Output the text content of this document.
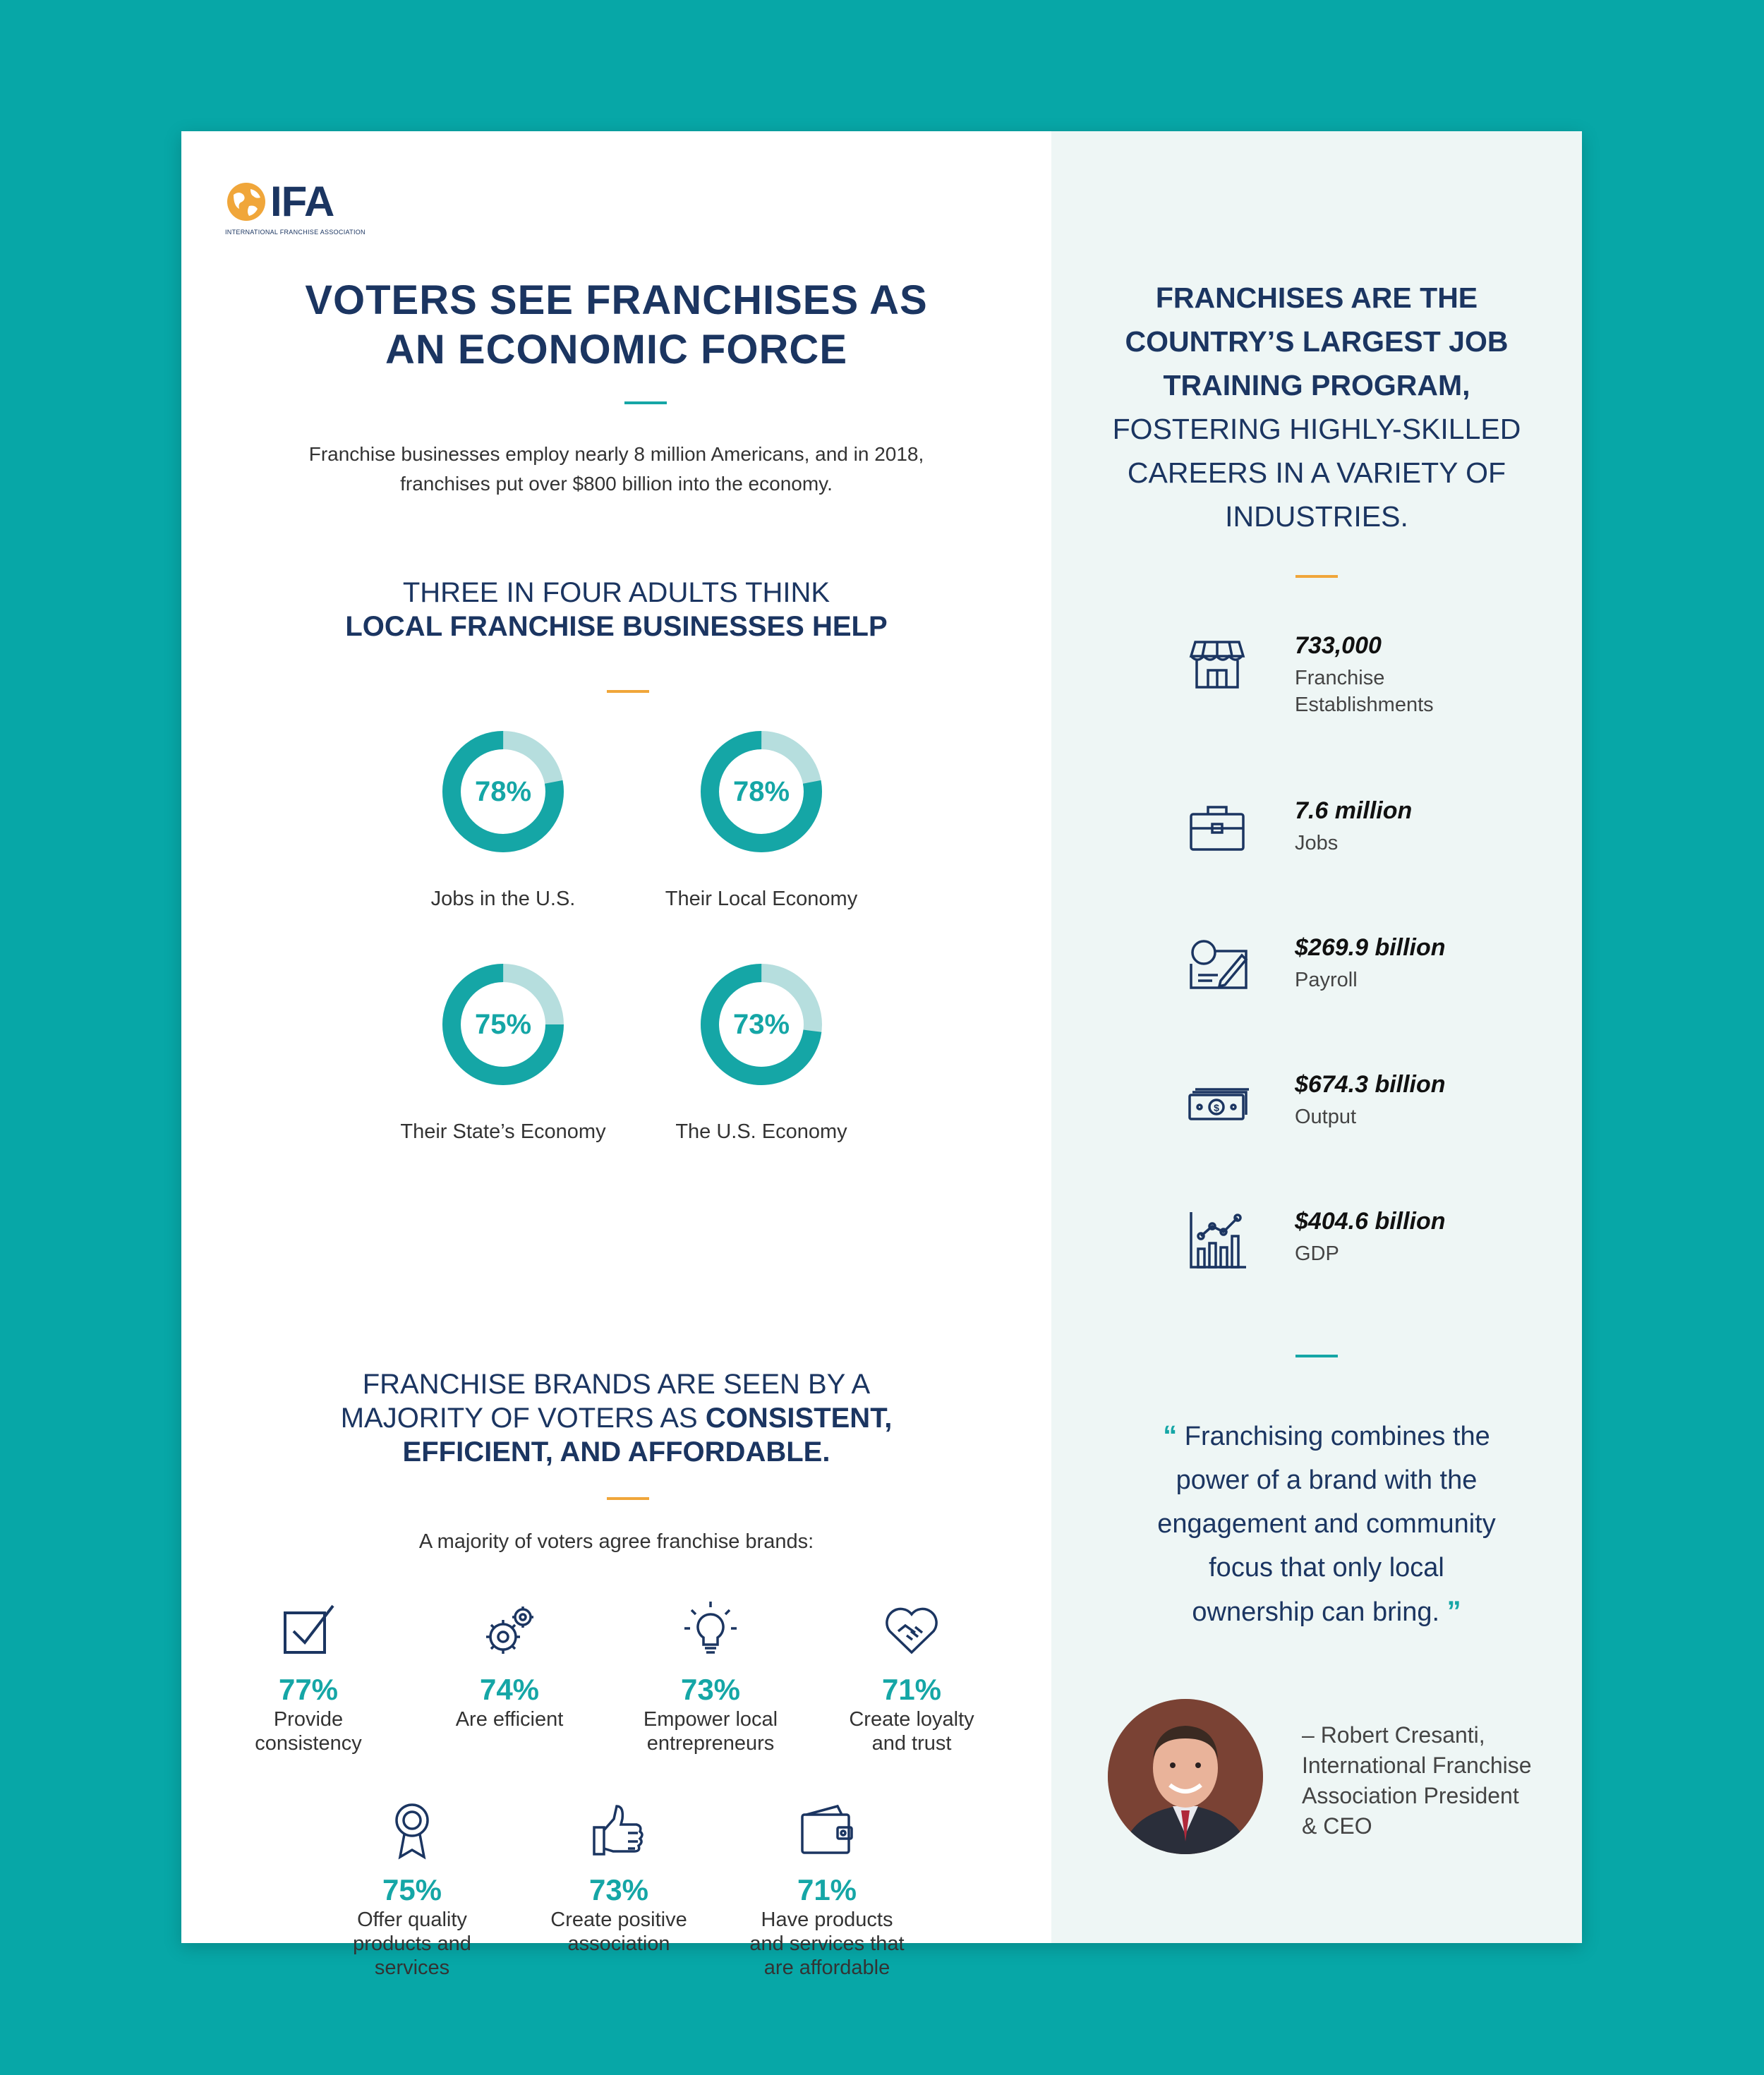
IFA
INTERNATIONAL FRANCHISE ASSOCIATION
VOTERS SEE FRANCHISES AS
AN ECONOMIC FORCE
Franchise businesses employ nearly 8 million Americans, and in 2018,
franchises put over $800 billion into the economy.
THREE IN FOUR ADULTS THINK
LOCAL FRANCHISE BUSINESSES HELP
78%
Jobs in the U.S.
78%
Their Local Economy
75%
Their State’s Economy
73%
The U.S. Economy
FRANCHISE BRANDS ARE SEEN BY A
MAJORITY OF VOTERS AS CONSISTENT,
EFFICIENT, AND AFFORDABLE.
A majority of voters agree franchise brands:
77%
Provide
consistency
74%
Are efficient
73%
Empower local
entrepreneurs
71%
Create loyalty
and trust
75%
Offer quality
products and
services
73%
Create positive
association
71%
Have products
and services that
are affordable
FRANCHISES ARE THE
COUNTRY’S LARGEST JOB
TRAINING PROGRAM,
FOSTERING HIGHLY-SKILLED
CAREERS IN A VARIETY OF
INDUSTRIES.
733,000
Franchise
Establishments
7.6 million
Jobs
$269.9 billion
Payroll
$
$674.3 billion
Output
$404.6 billion
GDP
“ Franchising combines the
power of a brand with the
engagement and community
focus that only local
ownership can bring. ”
– Robert Cresanti,
International Franchise
Association President
& CEO
